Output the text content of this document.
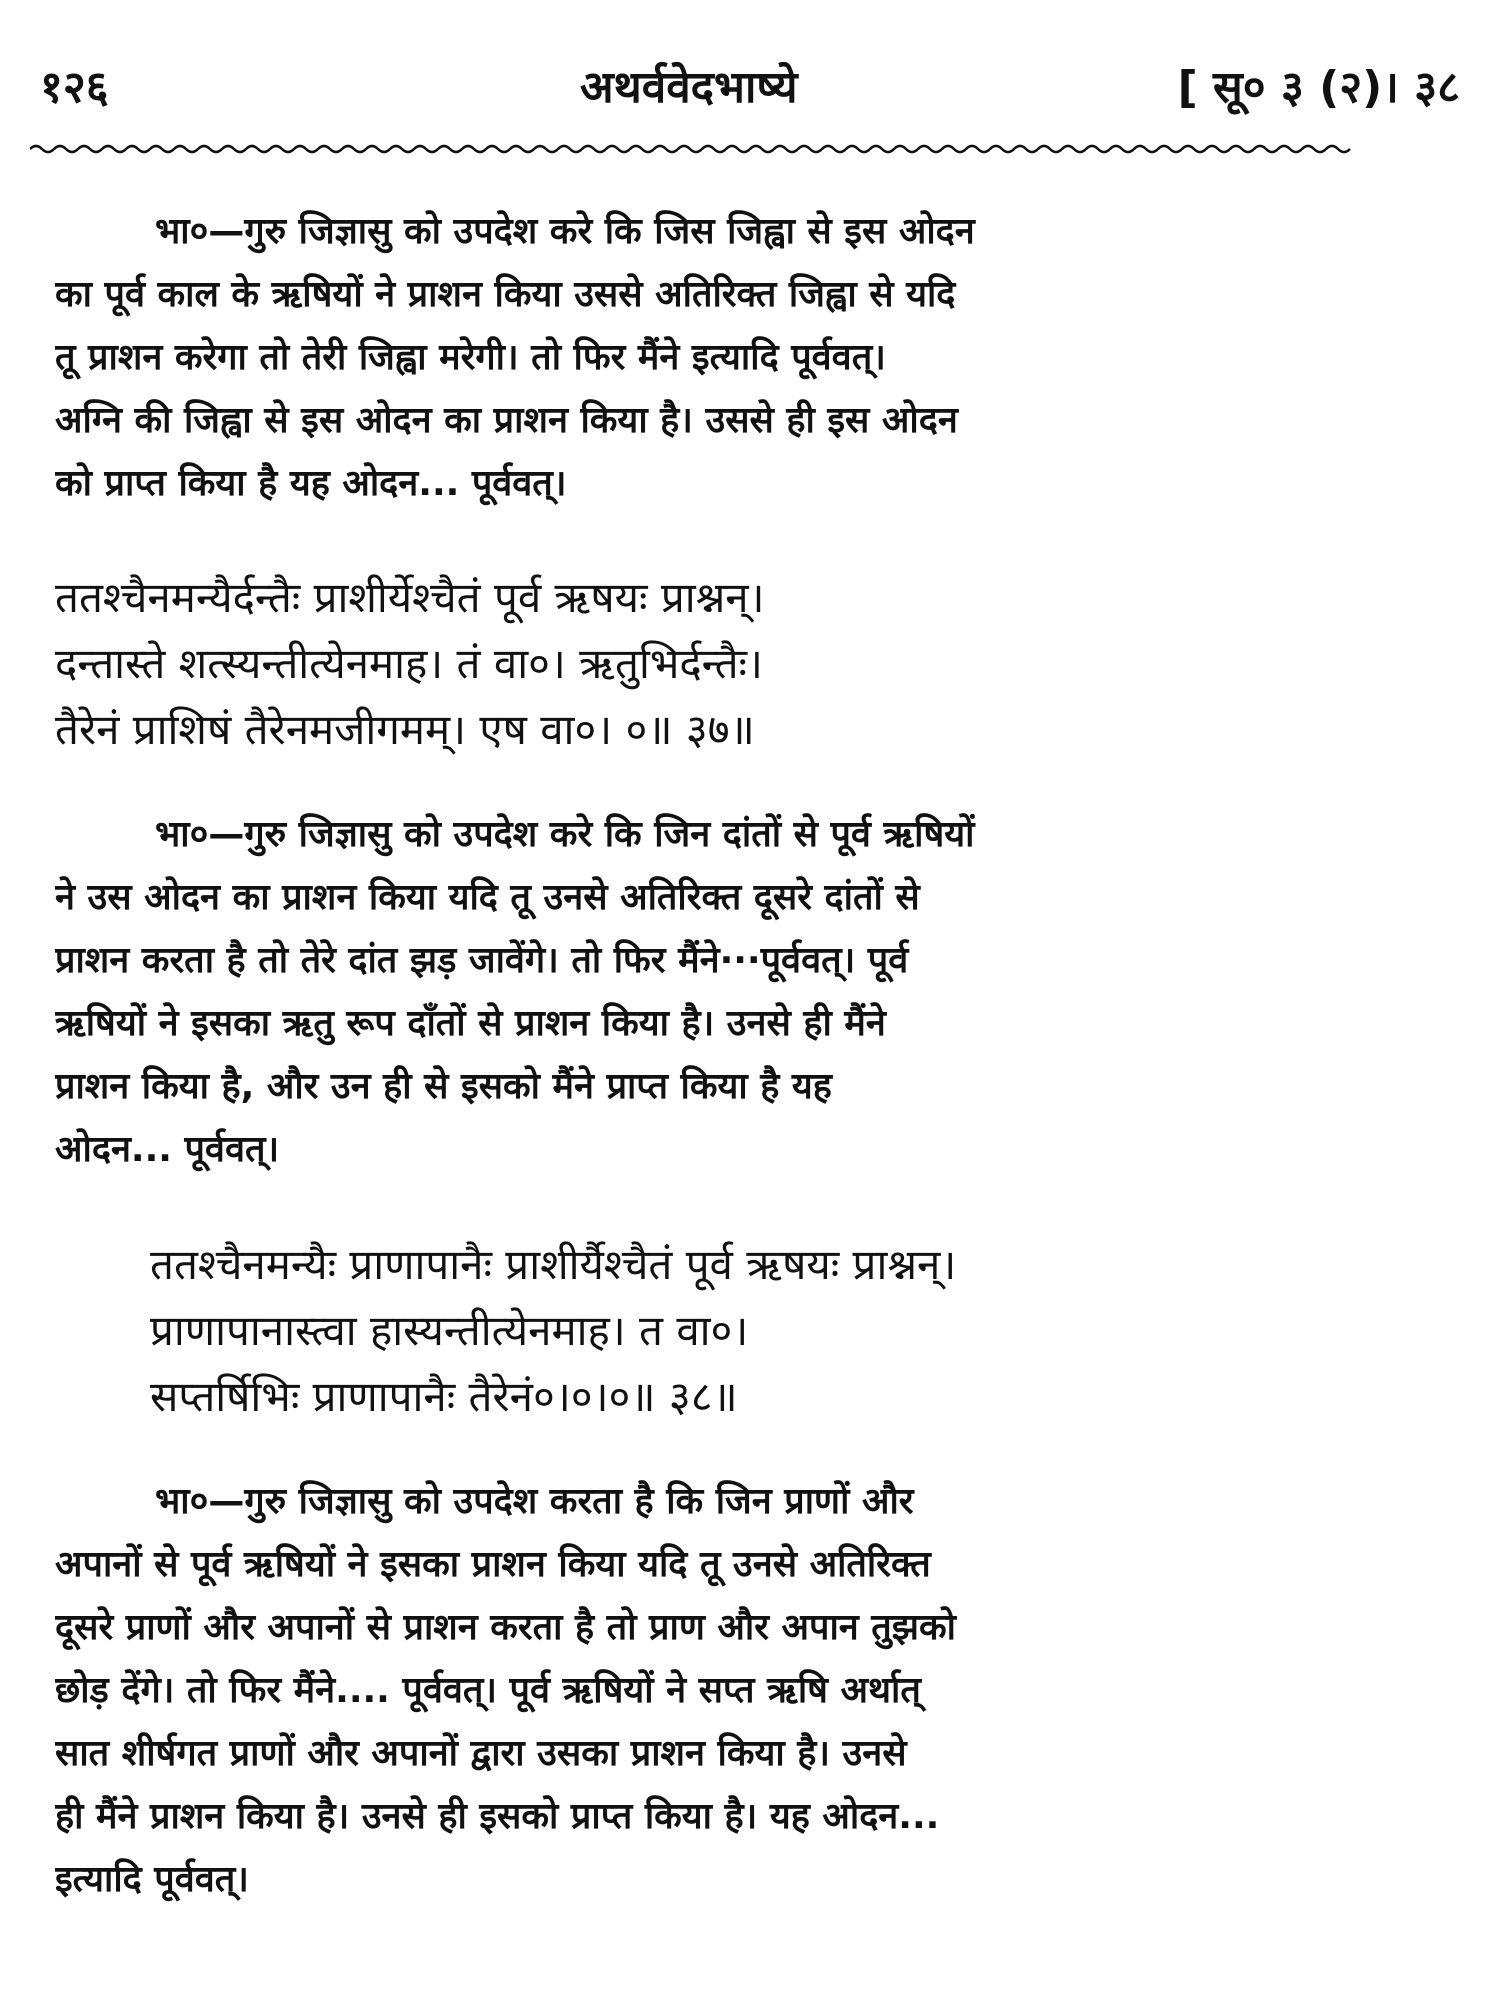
१२६	अथर्ववेदभाष्ये	[ सू० ३ (२)। ३८
भा०—गुरु जिज्ञासु को उपदेश करे कि जिस जिह्वा से इस ओदन
का पूर्व काल के ऋषियों ने प्राशन किया उससे अतिरिक्त जिह्वा से यदि
तू प्राशन करेगा तो तेरी जिह्वा मरेगी। तो फिर मैंने इत्यादि पूर्ववत्।
अग्नि की जिह्वा से इस ओदन का प्राशन किया है। उससे ही इस ओदन
को प्राप्त किया है यह ओदन... पूर्ववत्।
ततश्चैनमन्यैर्दन्तैः प्राशीर्येश्चैतं पूर्व ऋषयः प्राश्नन्।
दन्तास्ते शत्स्यन्तीत्येनमाह। तं वा०। ऋतुभिर्दन्तैः।
तैरेनं प्राशिषं तैरेनमजीगमम्। एष वा०। ०॥ ३७॥
भा०—गुरु जिज्ञासु को उपदेश करे कि जिन दांतों से पूर्व ऋषियों
ने उस ओदन का प्राशन किया यदि तू उनसे अतिरिक्त दूसरे दांतों से
प्राशन करता है तो तेरे दांत झड़ जावेंगे। तो फिर मैंने···पूर्ववत्। पूर्व
ऋषियों ने इसका ऋतु रूप दाँतों से प्राशन किया है। उनसे ही मैंने
प्राशन किया है, और उन ही से इसको मैंने प्राप्त किया है यह
ओदन... पूर्ववत्।
ततश्चैनमन्यैः प्राणापानैः प्राशीर्यैश्चैतं पूर्व ऋषयः प्राश्नन्।
प्राणापानास्त्वा हास्यन्तीत्येनमाह। त वा०।
सप्तर्षिभिः प्राणापानैः तैरेनं०।०।०॥ ३८॥
भा०—गुरु जिज्ञासु को उपदेश करता है कि जिन प्राणों और
अपानों से पूर्व ऋषियों ने इसका प्राशन किया यदि तू उनसे अतिरिक्त
दूसरे प्राणों और अपानों से प्राशन करता है तो प्राण और अपान तुझको
छोड़ देंगे। तो फिर मैंने.... पूर्ववत्। पूर्व ऋषियों ने सप्त ऋषि अर्थात्
सात शीर्षगत प्राणों और अपानों द्वारा उसका प्राशन किया है। उनसे
ही मैंने प्राशन किया है। उनसे ही इसको प्राप्त किया है। यह ओदन...
इत्यादि पूर्ववत्।
